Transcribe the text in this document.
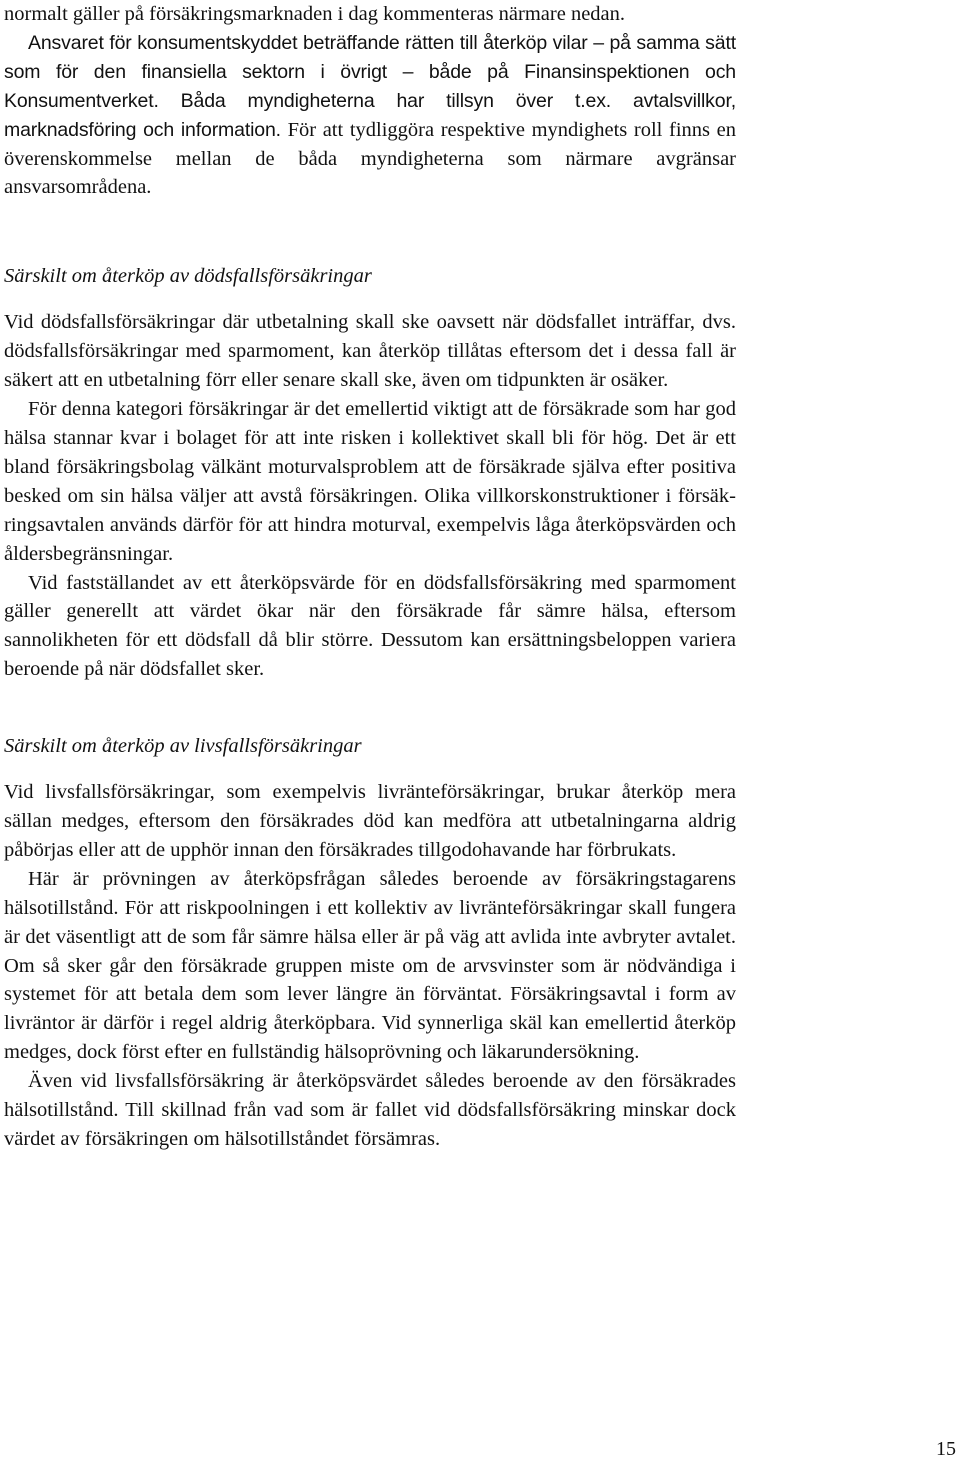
normalt gäller på försäkringsmarknaden i dag kommenteras närmare nedan.

Ansvaret för konsumentskyddet beträffande rätten till återköp vilar – på samma sätt som för den finansiella sektorn i övrigt – både på Finansinspektionen och Konsumentverket. Båda myndigheterna har tillsyn över t.ex. avtalsvillkor, marknadsföring och information. För att tydliggöra respektive myndighets roll finns en överenskommelse mellan de båda myndigheterna som närmare avgränsar ansvarsområdena.

Särskilt om återköp av dödsfallsförsäkringar

Vid dödsfallsförsäkringar där utbetalning skall ske oavsett när dödsfallet inträffar, dvs. dödsfallsförsäkringar med sparmoment, kan återköp tillåtas eftersom det i dessa fall är säkert att en utbetalning förr eller senare skall ske, även om tidpunkten är osäker.

För denna kategori försäkringar är det emellertid viktigt att de försäkrade som har god hälsa stannar kvar i bolaget för att inte risken i kollektivet skall bli för hög. Det är ett bland försäkringsbolag välkänt moturvalsproblem att de försäkrade själva efter positiva besked om sin hälsa väljer att avstå försäkringen. Olika villkorskonstruktioner i försäkringsavtalen används därför för att hindra moturval, exempelvis låga återköpsvärden och åldersbegränsningar.

Vid fastställandet av ett återköpsvärde för en dödsfallsförsäkring med sparmoment gäller generellt att värdet ökar när den försäkrade får sämre hälsa, eftersom sannolikheten för ett dödsfall då blir större. Dessutom kan ersättningsbeloppen variera beroende på när dödsfallet sker.

Särskilt om återköp av livsfallsförsäkringar

Vid livsfallsförsäkringar, som exempelvis livränteförsäkringar, brukar återköp mera sällan medges, eftersom den försäkrades död kan medföra att utbetalningarna aldrig påbörjas eller att de upphör innan den försäkrades tillgodohavande har förbrukats.

Här är prövningen av återköpsfrågan således beroende av försäkringstagarens hälsotillstånd. För att riskpoolningen i ett kollektiv av livränteförsäkringar skall fungera är det väsentligt att de som får sämre hälsa eller är på väg att avlida inte avbryter avtalet. Om så sker går den försäkrade gruppen miste om de arvsvinster som är nödvändiga i systemet för att betala dem som lever längre än förväntat. Försäkringsavtal i form av livräntor är därför i regel aldrig återköpbara. Vid synnerliga skäl kan emellertid återköp medges, dock först efter en fullständig hälsoprövning och läkarundersökning.

Även vid livsfallsförsäkring är återköpsvärdet således beroende av den försäkrades hälsotillstånd. Till skillnad från vad som är fallet vid dödsfallsförsäkring minskar dock värdet av försäkringen om hälsotillståndet försämras.

15
